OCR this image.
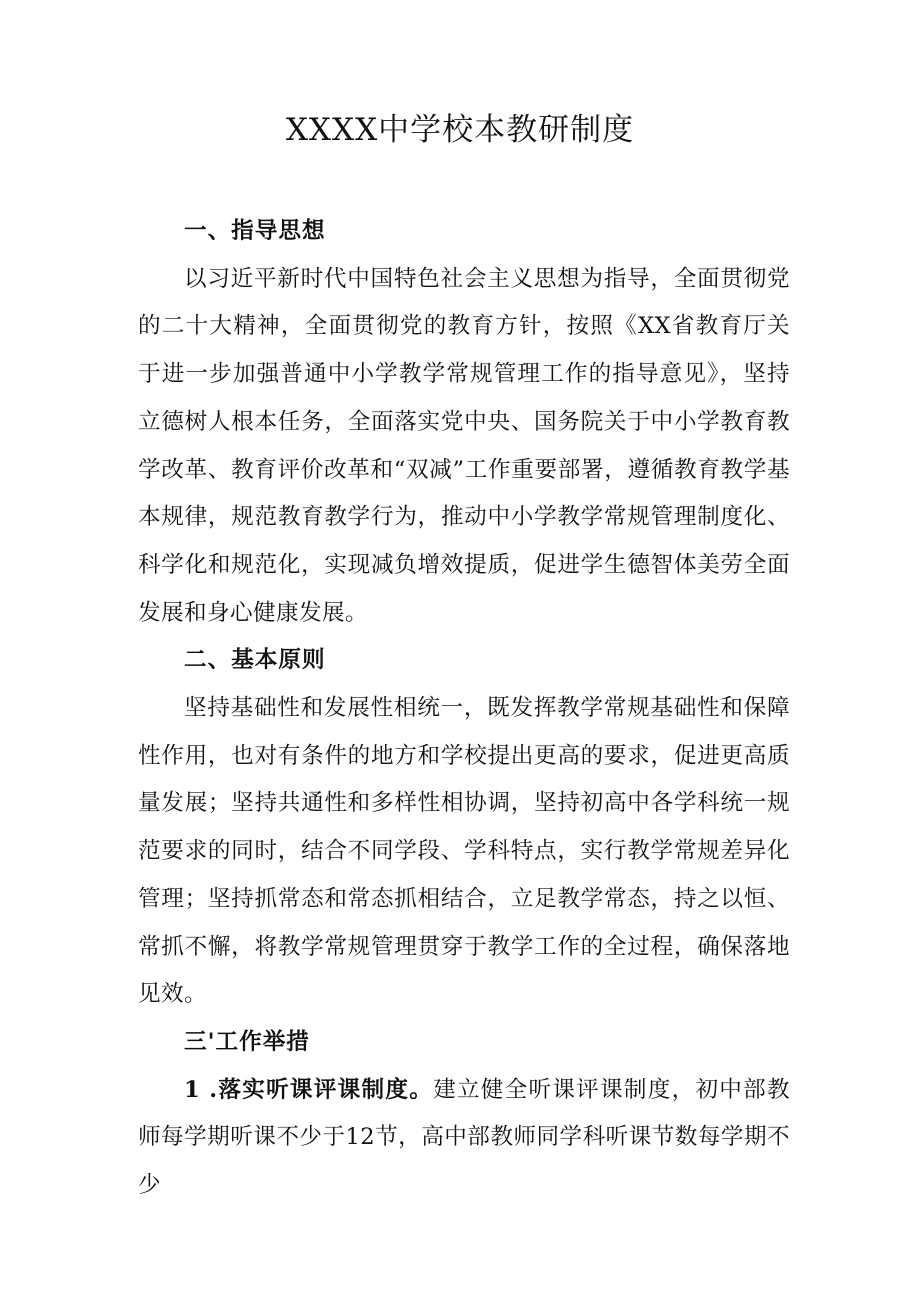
XXXX中学校本教研制度

一、指导思想

以习近平新时代中国特色社会主义思想为指导，全面贯彻党的二十大精神，全面贯彻党的教育方针，按照《XX省教育厅关于进一步加强普通中小学教学常规管理工作的指导意见》，坚持立德树人根本任务，全面落实党中央、国务院关于中小学教育教学改革、教育评价改革和“双减”工作重要部署，遵循教育教学基本规律，规范教育教学行为，推动中小学教学常规管理制度化、科学化和规范化，实现减负增效提质，促进学生德智体美劳全面发展和身心健康发展。

二、基本原则

坚持基础性和发展性相统一，既发挥教学常规基础性和保障性作用，也对有条件的地方和学校提出更高的要求，促进更高质量发展；坚持共通性和多样性相协调，坚持初高中各学科统一规范要求的同时，结合不同学段、学科特点，实行教学常规差异化管理；坚持抓常态和常态抓相结合，立足教学常态，持之以恒、常抓不懈，将教学常规管理贯穿于教学工作的全过程，确保落地见效。

三'工作举措

1 .落实听课评课制度。建立健全听课评课制度，初中部教师每学期听课不少于12节，高中部教师同学科听课节数每学期不少
